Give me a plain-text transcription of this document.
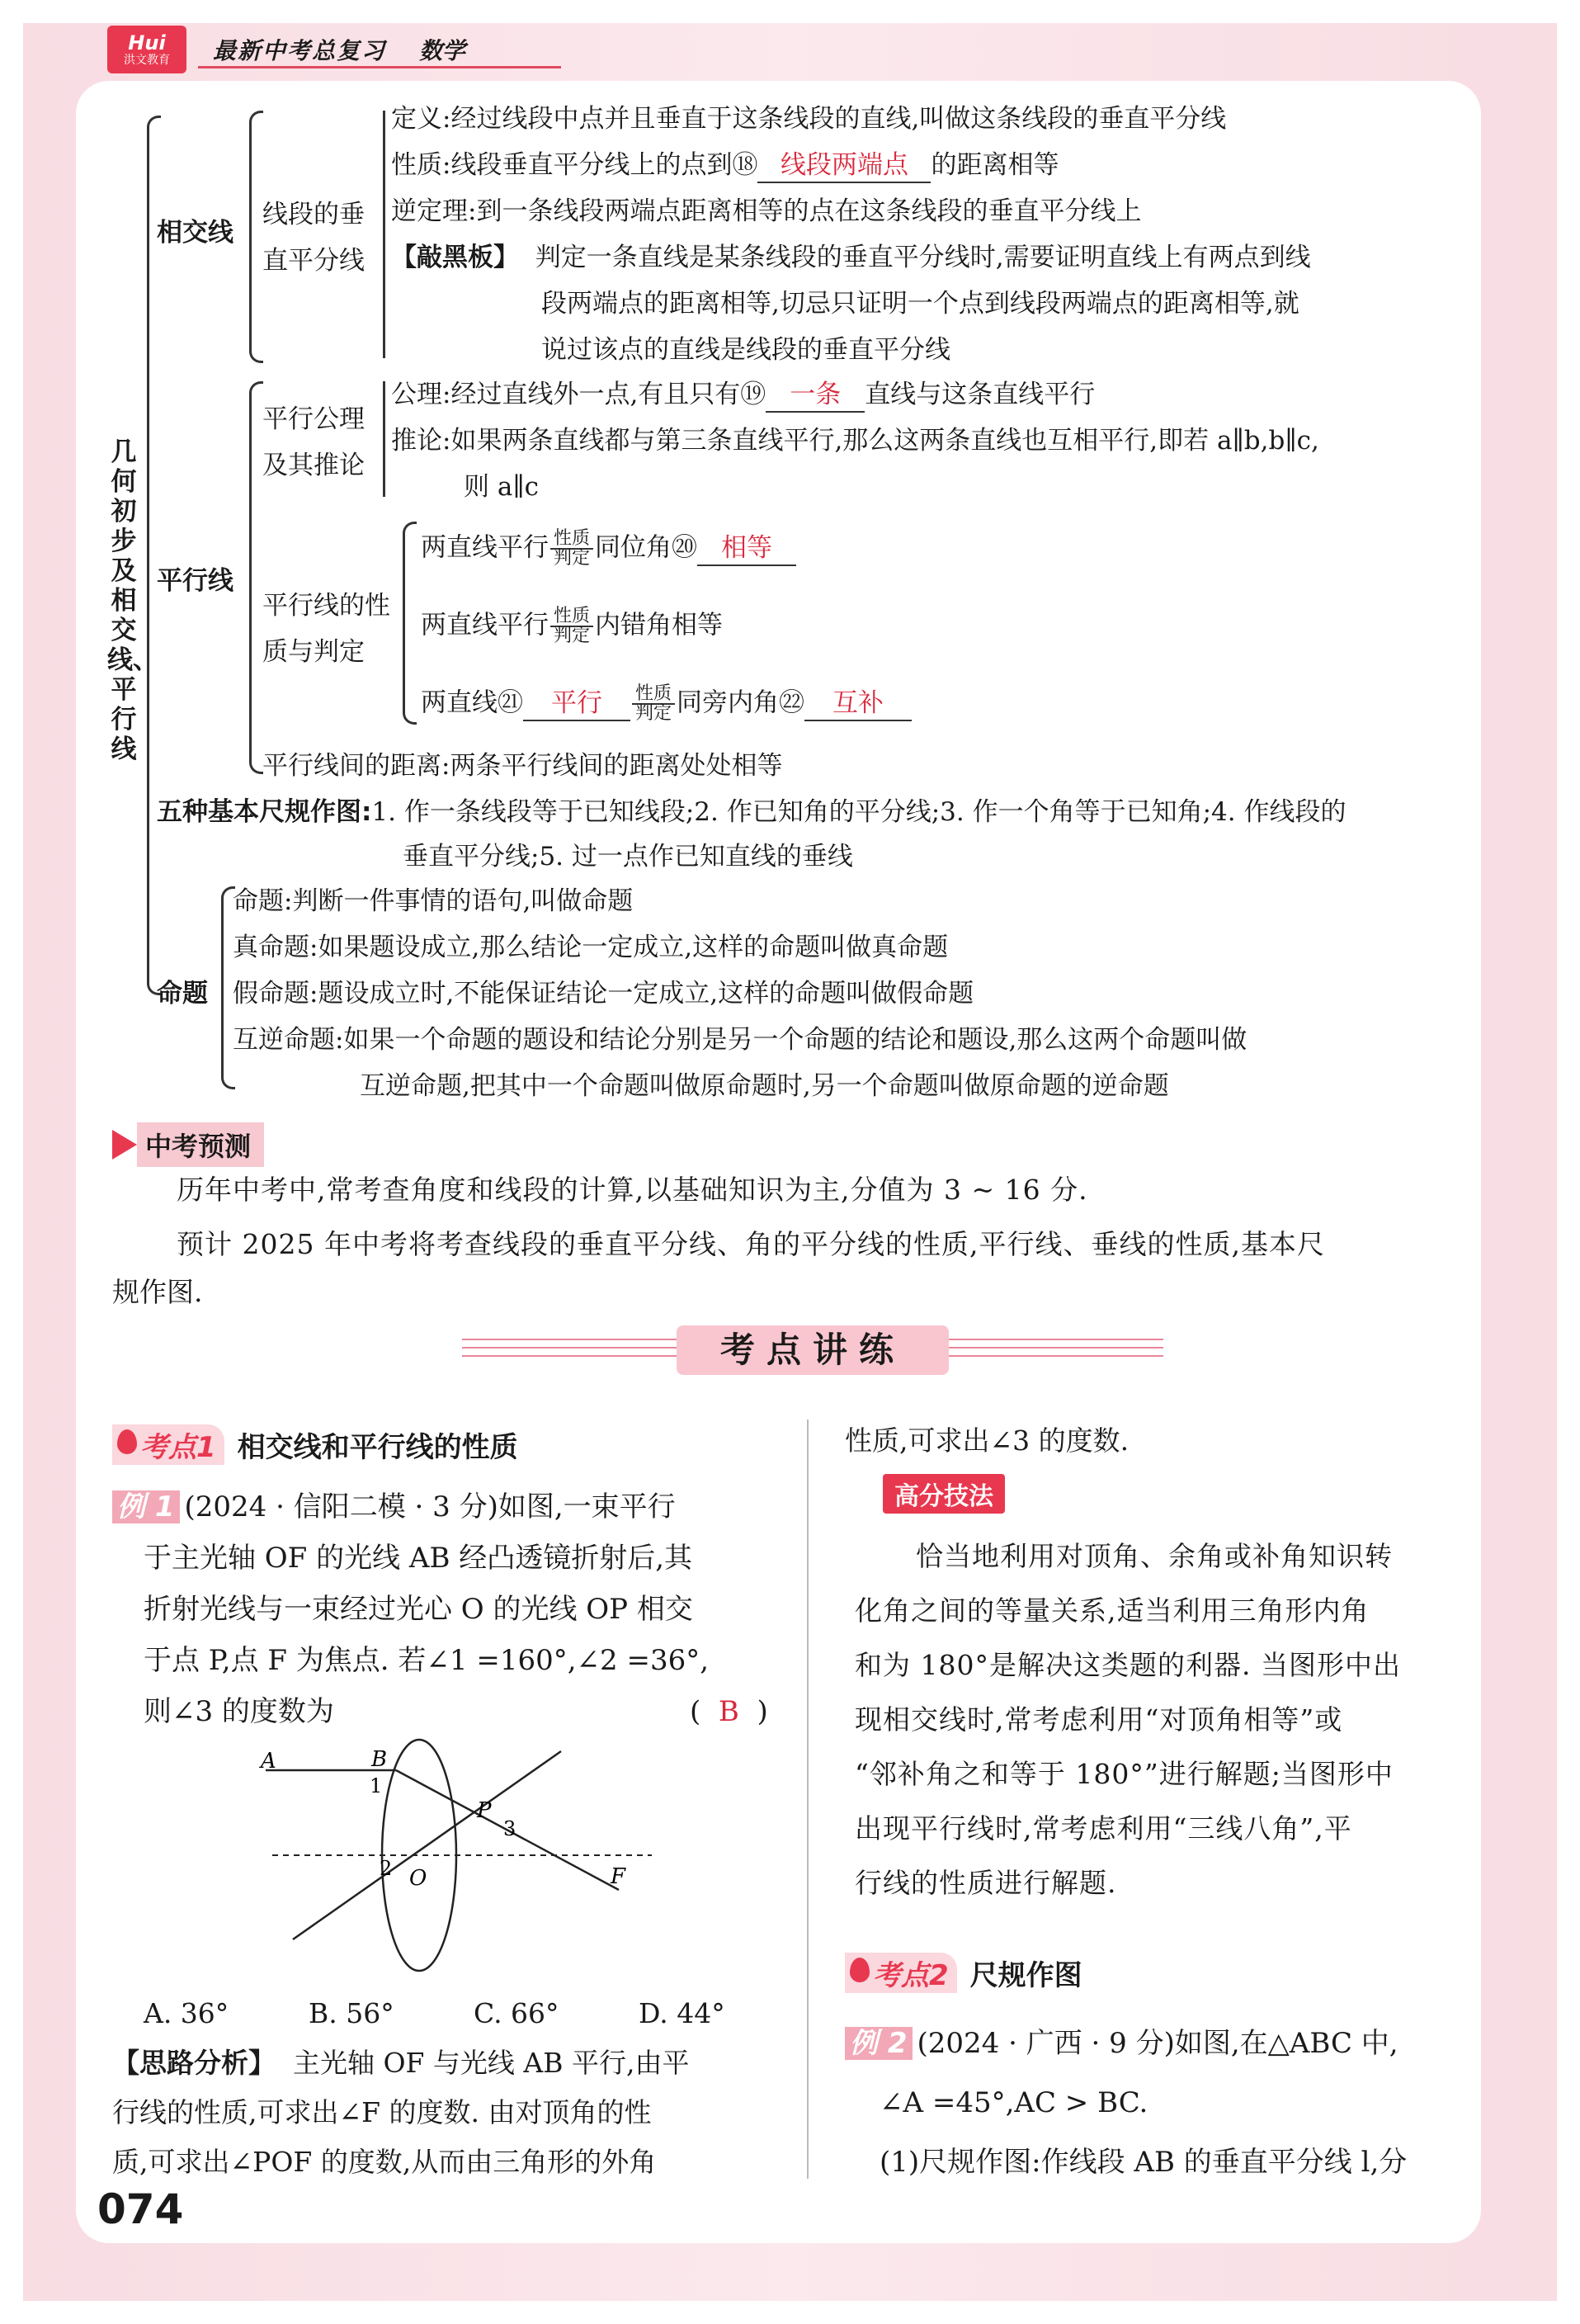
Hui
洪文教育 最新中考总复习 数学
几何初步及相交线、平行线
相交线
线段的垂直平分线
定义:经过线段中点并且垂直于这条线段的直线,叫做这条线段的垂直平分线
性质:线段垂直平分线上的点到⑱ 线段两端点 的距离相等
逆定理:到一条线段两端点距离相等的点在这条线段的垂直平分线上
【敲黑板】 判定一条直线是某条线段的垂直平分线时,需要证明直线上有两点到线
段两端点的距离相等,切忌只证明一个点到线段两端点的距离相等,就
说过该点的直线是线段的垂直平分线
平行线
平行公理及其推论
公理:经过直线外一点,有且只有⑲ 一条 直线与这条直线平行
推论:如果两条直线都与第三条直线平行,那么这两条直线也互相平行,即若 a∥b,b∥c,
则 a∥c
平行线的性质与判定
两直线平行 $\frac{\text{性质}}{\text{判定}}$ 同位角⑳ 相等
两直线平行 $\frac{\text{性质}}{\text{判定}}$ 内错角相等
两直线㉑ 平行 $\frac{\text{性质}}{\text{判定}}$ 同旁内角㉒ 互补
平行线间的距离:两条平行线间的距离处处相等
五种基本尺规作图:1. 作一条线段等于已知线段;2. 作已知角的平分线;3. 作一个角等于已知角;4. 作线段的
垂直平分线;5. 过一点作已知直线的垂线
命题
命题:判断一件事情的语句,叫做命题
真命题:如果题设成立,那么结论一定成立,这样的命题叫做真命题
假命题:题设成立时,不能保证结论一定成立,这样的命题叫做假命题
互逆命题:如果一个命题的题设和结论分别是另一个命题的结论和题设,那么这两个命题叫做
互逆命题,把其中一个命题叫做原命题时,另一个命题叫做原命题的逆命题
中考预测
历年中考中,常考查角度和线段的计算,以基础知识为主,分值为 3 ~ 16 分.
预计 2025 年中考将考查线段的垂直平分线、角的平分线的性质,平行线、垂线的性质,基本尺
规作图.
考点讲练
考点1 相交线和平行线的性质
例 1 (2024 · 信阳二模 · 3 分)如图,一束平行
于主光轴 OF 的光线 AB 经凸透镜折射后,其
折射光线与一束经过光心 O 的光线 OP 相交
于点 P,点 F 为焦点. 若∠1 =160°,∠2 =36°,
则∠3 的度数为	(  B  )
A	B
1
P
3
2 O	F
A. 36°	B. 56°	C. 66°	D. 44°
【思路分析】 主光轴 OF 与光线 AB 平行,由平
行线的性质,可求出∠F 的度数. 由对顶角的性
质,可求出∠POF 的度数,从而由三角形的外角
性质,可求出∠3 的度数.
高分技法
恰当地利用对顶角、余角或补角知识转
化角之间的等量关系,适当利用三角形内角
和为 180°是解决这类题的利器. 当图形中出
现相交线时,常考虑利用“对顶角相等”或
“邻补角之和等于 180°”进行解题;当图形中
出现平行线时,常考虑利用“三线八角”,平
行线的性质进行解题.
考点2 尺规作图
例 2 (2024 · 广西 · 9 分)如图,在△ABC 中,
∠A =45°,AC > BC.
(1)尺规作图:作线段 AB 的垂直平分线 l,分
074
